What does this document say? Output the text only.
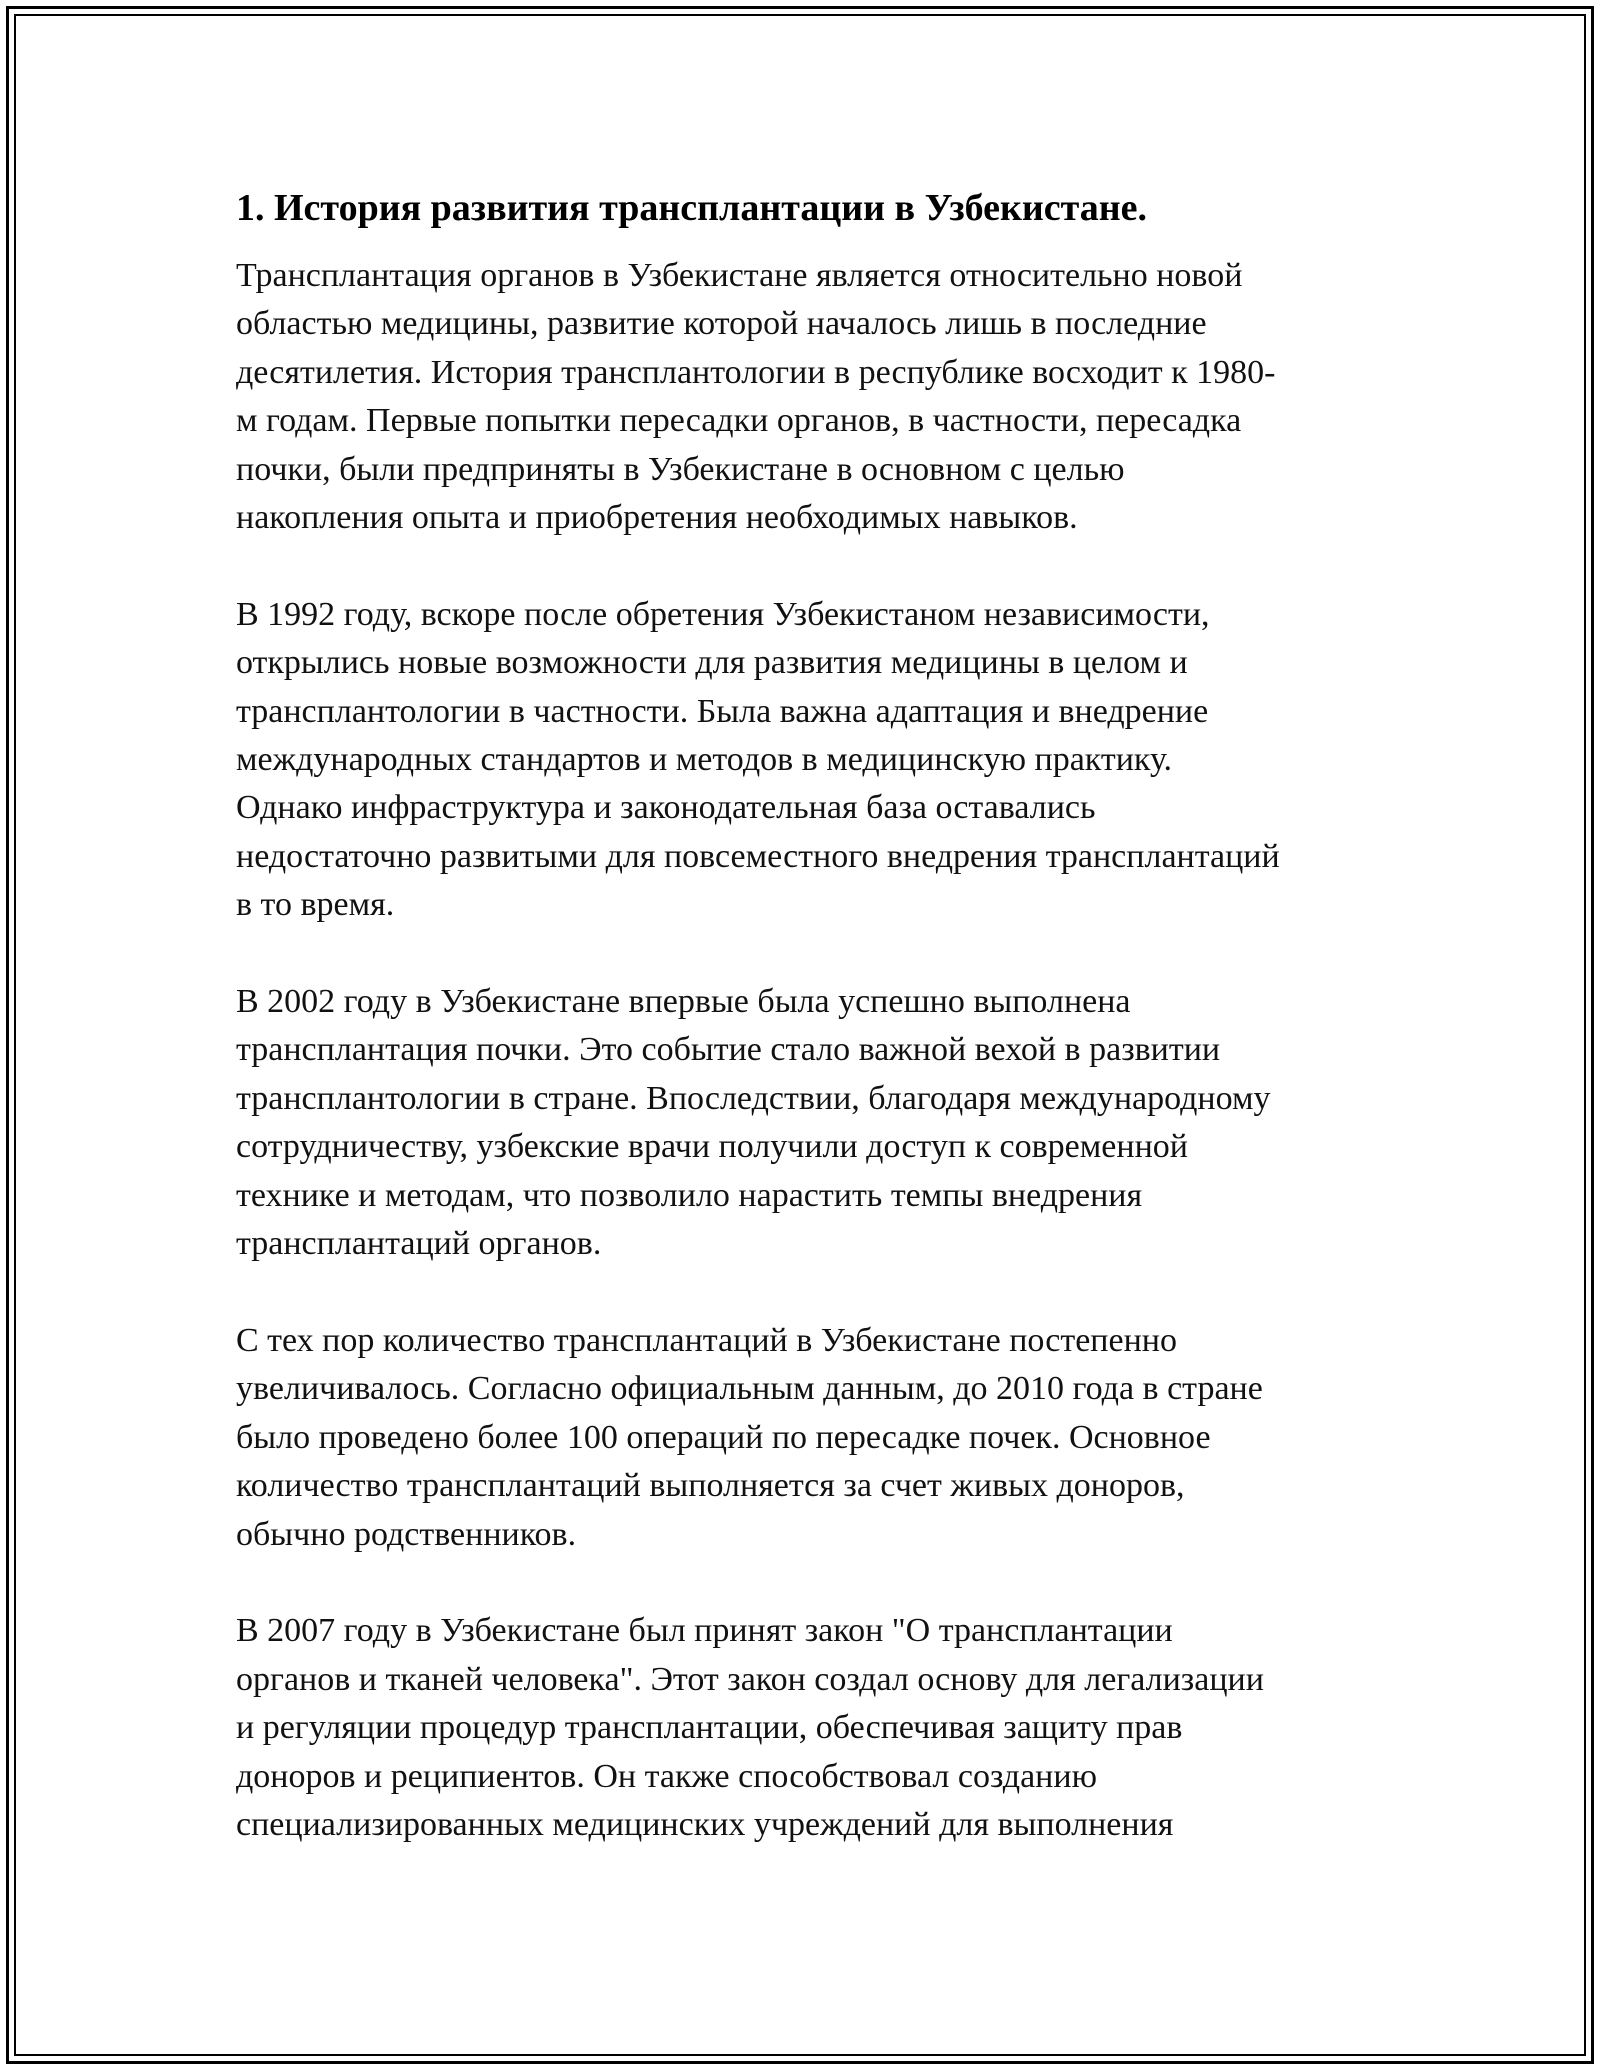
1. История развития трансплантации в Узбекистане.

Трансплантация органов в Узбекистане является относительно новой
областью медицины, развитие которой началось лишь в последние
десятилетия. История трансплантологии в республике восходит к 1980-
м годам. Первые попытки пересадки органов, в частности, пересадка
почки, были предприняты в Узбекистане в основном с целью
накопления опыта и приобретения необходимых навыков.

В 1992 году, вскоре после обретения Узбекистаном независимости,
открылись новые возможности для развития медицины в целом и
трансплантологии в частности. Была важна адаптация и внедрение
международных стандартов и методов в медицинскую практику.
Однако инфраструктура и законодательная база оставались
недостаточно развитыми для повсеместного внедрения трансплантаций
в то время.

В 2002 году в Узбекистане впервые была успешно выполнена
трансплантация почки. Это событие стало важной вехой в развитии
трансплантологии в стране. Впоследствии, благодаря международному
сотрудничеству, узбекские врачи получили доступ к современной
технике и методам, что позволило нарастить темпы внедрения
трансплантаций органов.

С тех пор количество трансплантаций в Узбекистане постепенно
увеличивалось. Согласно официальным данным, до 2010 года в стране
было проведено более 100 операций по пересадке почек. Основное
количество трансплантаций выполняется за счет живых доноров,
обычно родственников.

В 2007 году в Узбекистане был принят закон "О трансплантации
органов и тканей человека". Этот закон создал основу для легализации
и регуляции процедур трансплантации, обеспечивая защиту прав
доноров и реципиентов. Он также способствовал созданию
специализированных медицинских учреждений для выполнения
